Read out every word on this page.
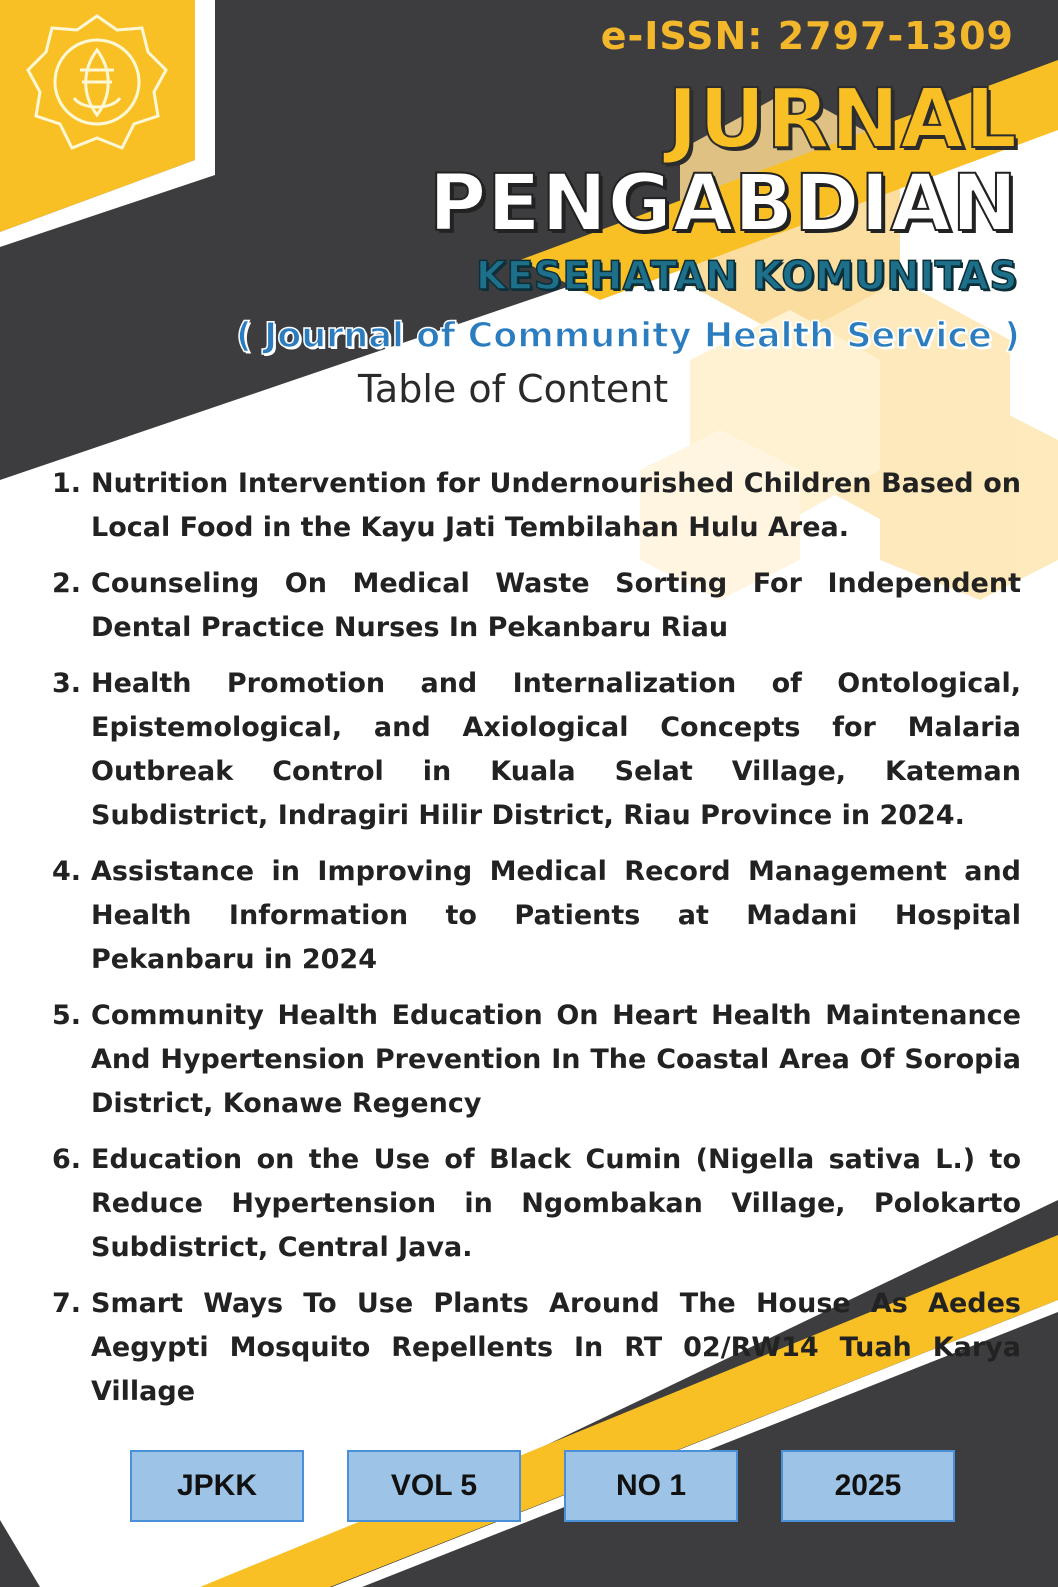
e-ISSN: 2797-1309
JURNAL
PENGABDIAN
KESEHATAN KOMUNITAS
( Journal of Community Health Service )
Table of Content
1. Nutrition Intervention for Undernourished Children Based on Local Food in the Kayu Jati Tembilahan Hulu Area.
2. Counseling On Medical Waste Sorting For Independent Dental Practice Nurses In Pekanbaru Riau
3. Health Promotion and Internalization of Ontological, Epistemological, and Axiological Concepts for Malaria Outbreak Control in Kuala Selat Village, Kateman Subdistrict, Indragiri Hilir District, Riau Province in 2024.
4. Assistance in Improving Medical Record Management and Health Information to Patients at Madani Hospital Pekanbaru in 2024
5. Community Health Education On Heart Health Maintenance And Hypertension Prevention In The Coastal Area Of Soropia District, Konawe Regency
6. Education on the Use of Black Cumin (Nigella sativa L.) to Reduce Hypertension in Ngombakan Village, Polokarto Subdistrict, Central Java.
7. Smart Ways To Use Plants Around The House As Aedes Aegypti Mosquito Repellents In RT 02/RW14 Tuah Karya Village
JPKK	VOL 5	NO 1	2025
